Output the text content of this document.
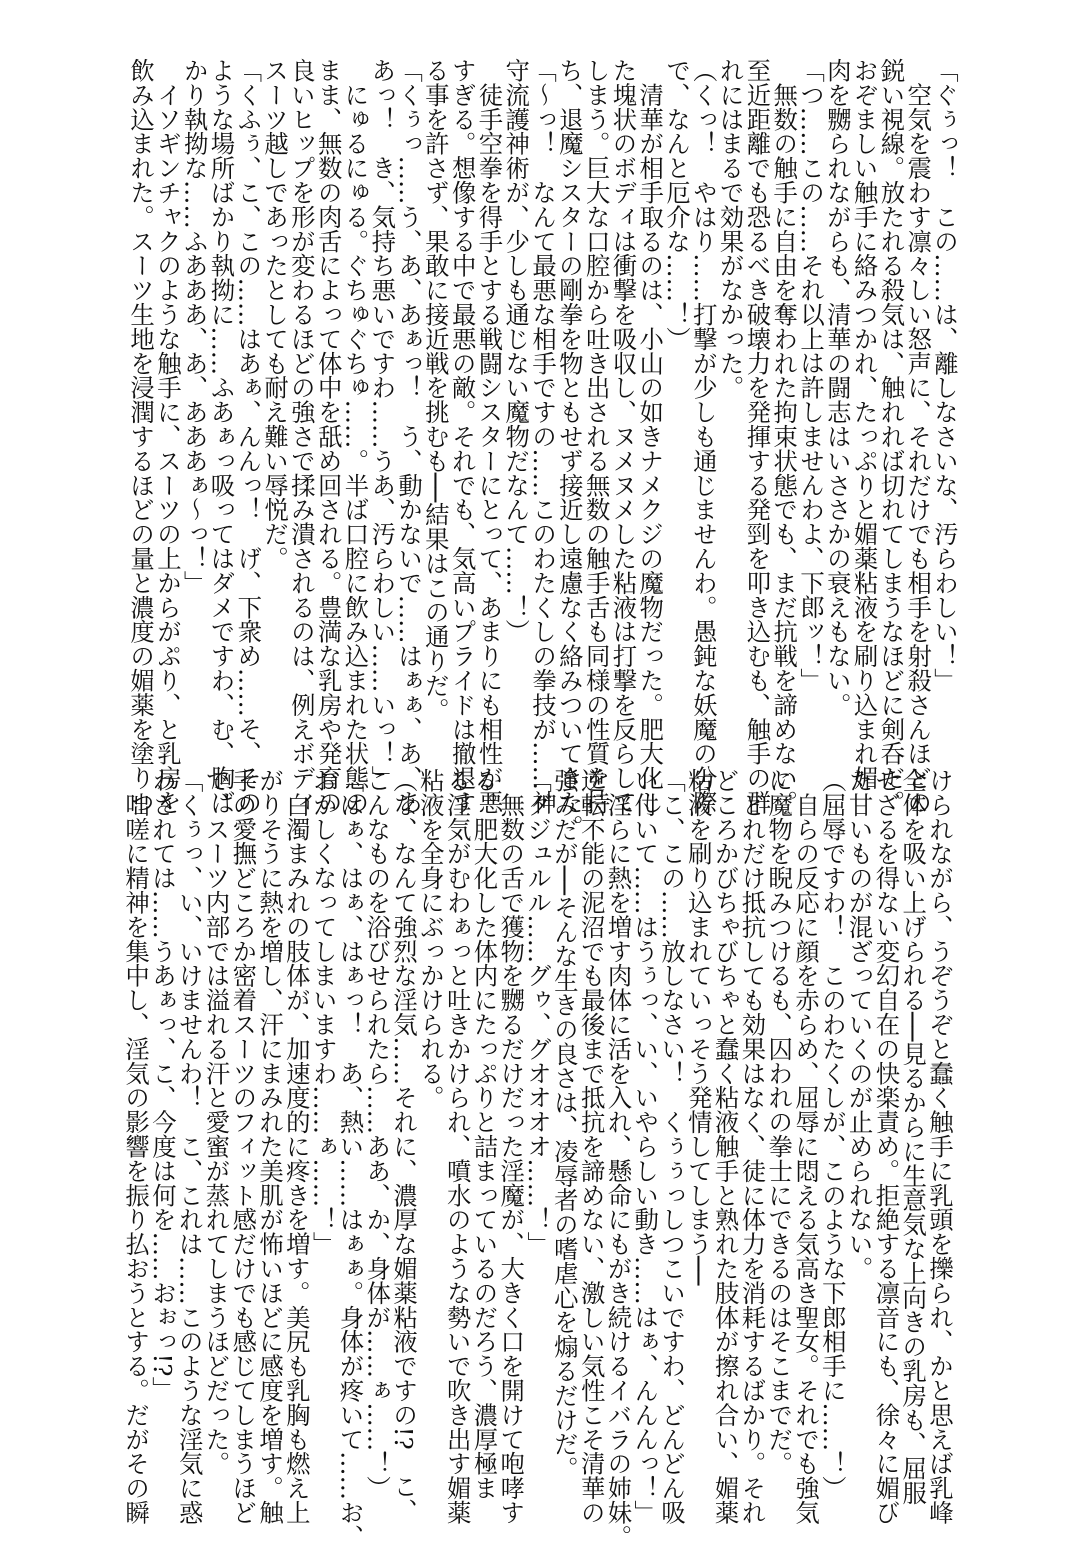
「ぐぅっ！　この……は、離しなさいな、汚らわしい！」
　空気を震わす凛々しい怒声に、それだけでも相手を射殺さんほどの
鋭い視線。放たれる殺気は、触れれば切れてしまうなほどに剣呑だ。
おぞましい触手に絡みつかれ、たっぷりと媚薬粘液を刷り込まれ媚
肉を嬲られながらも、清華の闘志はいささかの衰えもない。
「つ……この……それ以上は許しませんわよ、下郎ッ！」
　無数の触手に自由を奪われた拘束状態でも、まだ抗戦を諦めない。
至近距離でも恐るべき破壊力を発揮する発剄を叩き込むも、触手の群
れにはまるで効果がなかった。
（くっ！　やはり……打撃が少しも通じませんわ。愚鈍な妖魔の分際
で、なんと厄介な……！）
　清華が相手取るのは、小山の如きナメクジの魔物だった。肥大化し
た塊状のボディは衝撃を吸収し、ヌメヌメした粘液は打撃を反らして
しまう。巨大な口腔から吐き出される無数の触手舌も同様の性質を持
ち、退魔シスターの剛拳を物ともせず接近し遠慮なく絡みついてきた。
「～っ！　なんて最悪な相手ですの……このわたくしの拳技が……神
守流護神術が、少しも通じない魔物だなんて……！）
　徒手空拳を得手とする戦闘シスターにとって、あまりにも相性が悪
すぎる。想像する中で最悪の敵。それでも、気高いプライドは撤退す
る事を許さず、果敢に接近戦を挑むも──結果はこの通りだ。
「くぅっ……う、あ、あぁっ！　う、動かないで……はぁぁ、あ、あ
あっ！　き、気持ち悪いですわ……うあ、汚らわしい……いっ！」
　にゅるにゅる。ぐちゅぐちゅ……。半ば口腔に飲み込まれた状態の
まま、無数の肉舌によって体中を舐め回される。豊満な乳房や発育の
良いヒップを形が変わるほどの強さで揉み潰されるのは、例えボディ
スーツ越しであったとしても耐え難い辱悦だ。
「くふぅ、こ、この……はあぁ、んんっ！　げ、下衆め……そ、その
ような場所ばかり執拗に……ふあぁっ吸ってはダメですわ、む、胸ば
かり執拗な……ふあああ、あ、あああぁ～っ！」
　イソギンチャクのような触手に、スーツの上からがぷり、と乳房を
飲み込まれた。スーツ生地を浸潤するほどの量と濃度の媚薬を塗りつ
けられながら、うぞうぞと蠢く触手に乳頭を擽られ、かと思えば乳峰
全体を吸い上げられる──見るからに生意気な上向きの乳房も、屈服
せざるを得ない変幻自在の快楽責め。拒絶する凛音にも、徐々に媚び
た甘いものが混ざっていくのが止められない。
（屈辱ですわ！　このわたくしが、このような下郎相手に……！）
　自らの反応に顔を赤らめ、屈辱に悶える気高き聖女。それでも強気
に魔物を睨みつけるも、囚われの拳士にできるのはそこまでだ。
　どれだけ抵抗しても効果はなく、徒に体力を消耗するばかり。それ
どころかびちゃびちゃと蠢く粘液触手と熟れた肢体が擦れ合い、媚薬
粘液を刷り込まれていっそう発情してしまう──
「こ、この……放しなさい！　くぅぅっしつこいですわ、どんどん吸
い付いて……はうぅっ、い、いやらしい動き……はぁ、んんんっ！」
　淫らに熱を増す肉体に活を入れ、懸命にもがき続けるイバラの姉妹。
逆転不能の泥沼でも最後まで抵抗を諦めない、激しい気性こそ清華の
強みだが──そんな生きの良さは、凌辱者の嗜虐心を煽るだけだ。
「グジュルル……グゥ、グオオオオ……！」
　無数の舌で獲物を嬲るだけだった淫魔が、大きく口を開けて咆哮す
る。肥大化した体内にたっぷりと詰まっているのだろう、濃厚極ま
る淫気がむわぁっと吐きかけられ、噴水のような勢いで吹き出す媚薬
粘液を全身にぶっかけられる。
（な、なんて強烈な淫気……それに、濃厚な媚薬粘液ですの!?　こ、
こんなものを浴びせられたら……ああ、か、身体が……ぁ……！）
「はぁ、はぁ、はぁっ！　あ、熱い……はぁぁ。身体が疼いて……お、
おかしくなってしまいますわ……ぁ……！」
　白濁まみれの肢体が、加速度的に疼きを増す。美尻も乳胸も燃え上
がりそうに熱を増し、汗にまみれた美肌が怖いほどに感度を増す。触
手の愛撫どころか密着スーツのフィット感だけでも感じてしまうほど
で、スーツ内部では溢れる汗と愛蜜が蒸れてしまうほどだった。
「くぅっ、い、いけませんわ！　こ、これは……このような淫気に惑
わされては……うあぁっ、こ、今度は何を……おぉっ!?」
　咄嗟に精神を集中し、淫気の影響を振り払おうとする。だがその瞬
